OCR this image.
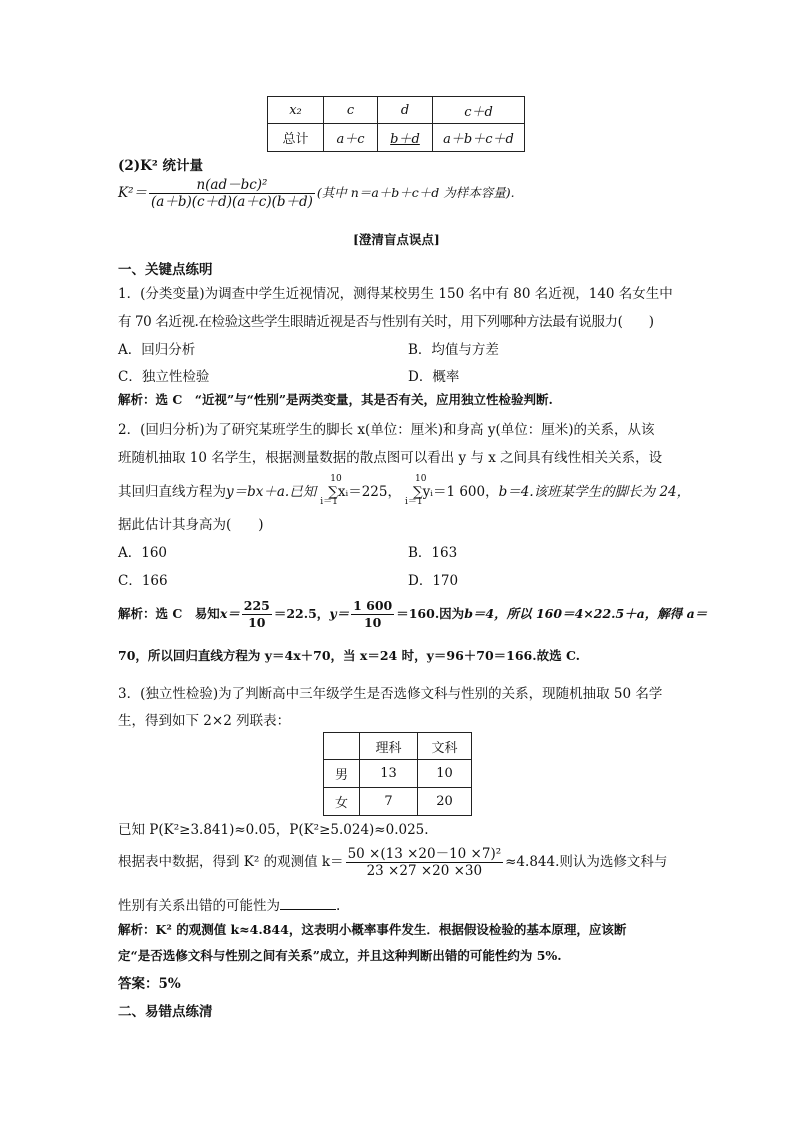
x₂	c	d	c＋d
总计	a＋c	b＋d	a＋b＋c＋d
(2)K² 统计量
$K^2= \frac{\text{n(ad－bc)²}}{(a+b)(c+d)(a+c)(b+d)}$ (其中 n＝a＋b＋c＋d 为样本容量).
[澄清盲点误点]
一、关键点练明
1．(分类变量)为调查中学生近视情况，测得某校男生 150 名中有 80 名近视，140 名女生中
有 70 名近视.在检验这些学生眼睛近视是否与性别有关时，用下列哪种方法最有说服力(　　)
A．回归分析	B．均值与方差
C．独立性检验	D．概率
解析：选 C　“近视”与“性别”是两类变量，其是否有关，应用独立性检验判断.
2．(回归分析)为了研究某班学生的脚长 x(单位：厘米)和身高 y(单位：厘米)的关系，从该
班随机抽取 10 名学生，根据测量数据的散点图可以看出 y 与 x 之间具有线性相关关系，设
其回归直线方程为y＝bx＋a.已知
10
∑
i＝1
xᵢ＝225，
10
∑
i＝1
yᵢ＝1 600，b＝4.该班某学生的脚长为 24，
据此估计其身高为(　　)
A．160	B．163
C．166	D．170
解析：选 C　易知$x= \frac{225}{10} =22.5$，$y= \frac{1 600}{10} =160$.因为b＝4，所以 160＝4×22.5＋a，解得 a＝
70，所以回归直线方程为 y＝4x＋70，当 x＝24 时，y＝96＋70＝166.故选 C.
3．(独立性检验)为了判断高中三年级学生是否选修文科与性别的关系，现随机抽取 50 名学
生，得到如下 2×2 列联表：
	理科	文科
男	13	10
女	7	20
已知 P(K²≥3.841)≈0.05，P(K²≥5.024)≈0.025.
根据表中数据，得到 K² 的观测值 $k= \frac{\text{50 ×(13 ×20－10 ×7)²}}{23 \times 27 \times 20 \times 30} \approx 4.844$.则认为选修文科与
性别有关系出错的可能性为	.
解析：K² 的观测值 k≈4.844，这表明小概率事件发生．根据假设检验的基本原理，应该断
定“是否选修文科与性别之间有关系”成立，并且这种判断出错的可能性约为 5%.
答案：5%
二、易错点练清
